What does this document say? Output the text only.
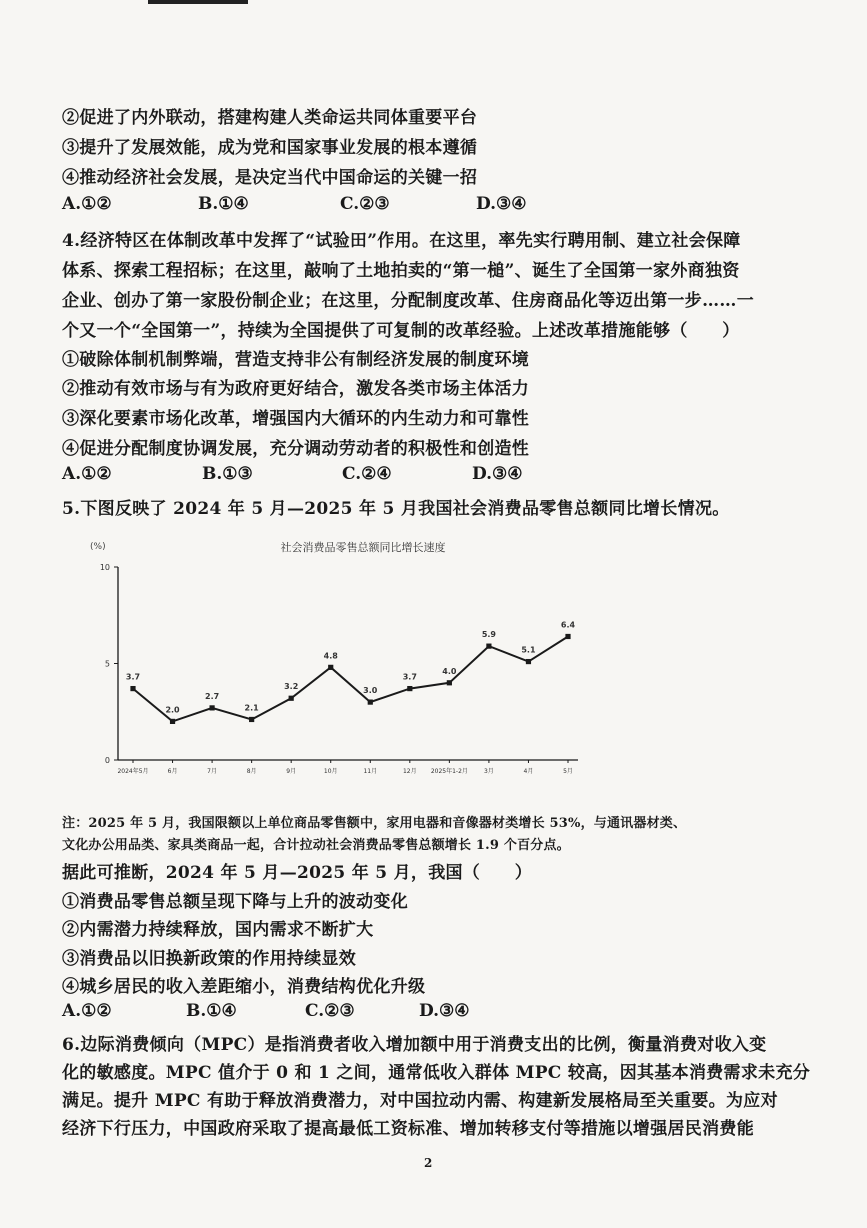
②促进了内外联动，搭建构建人类命运共同体重要平台
③提升了发展效能，成为党和国家事业发展的根本遵循
④推动经济社会发展，是决定当代中国命运的关键一招
A.①②	B.①④	C.②③	D.③④
4.经济特区在体制改革中发挥了“试验田”作用。在这里，率先实行聘用制、建立社会保障
体系、探索工程招标；在这里，敲响了土地拍卖的“第一槌”、诞生了全国第一家外商独资
企业、创办了第一家股份制企业；在这里，分配制度改革、住房商品化等迈出第一步……一
个又一个“全国第一”，持续为全国提供了可复制的改革经验。上述改革措施能够（　　）
①破除体制机制弊端，营造支持非公有制经济发展的制度环境
②推动有效市场与有为政府更好结合，激发各类市场主体活力
③深化要素市场化改革，增强国内大循环的内生动力和可靠性
④促进分配制度协调发展，充分调动劳动者的积极性和创造性
A.①②	B.①③	C.②④	D.③④
5.下图反映了 2024 年 5 月—2025 年 5 月我国社会消费品零售总额同比增长情况。
社会消费品零售总额同比增长速度
(%)
0
5
10
3.7
2.0
2.7
2.1
3.2
4.8
3.0
3.7
4.0
5.9
5.1
6.4
2024年5月	6月	7月	8月	9月	10月	11月	12月 2025年1-2月	3月	4月	5月
注：2025 年 5 月，我国限额以上单位商品零售额中，家用电器和音像器材类增长 53%，与通讯器材类、
文化办公用品类、家具类商品一起，合计拉动社会消费品零售总额增长 1.9 个百分点。
据此可推断，2024 年 5 月—2025 年 5 月，我国（　　）
①消费品零售总额呈现下降与上升的波动变化
②内需潜力持续释放，国内需求不断扩大
③消费品以旧换新政策的作用持续显效
④城乡居民的收入差距缩小，消费结构优化升级
A.①②	B.①④	C.②③	D.③④
6.边际消费倾向（MPC）是指消费者收入增加额中用于消费支出的比例，衡量消费对收入变
化的敏感度。MPC 值介于 0 和 1 之间，通常低收入群体 MPC 较高，因其基本消费需求未充分
满足。提升 MPC 有助于释放消费潜力，对中国拉动内需、构建新发展格局至关重要。为应对
经济下行压力，中国政府采取了提高最低工资标准、增加转移支付等措施以增强居民消费能
2
